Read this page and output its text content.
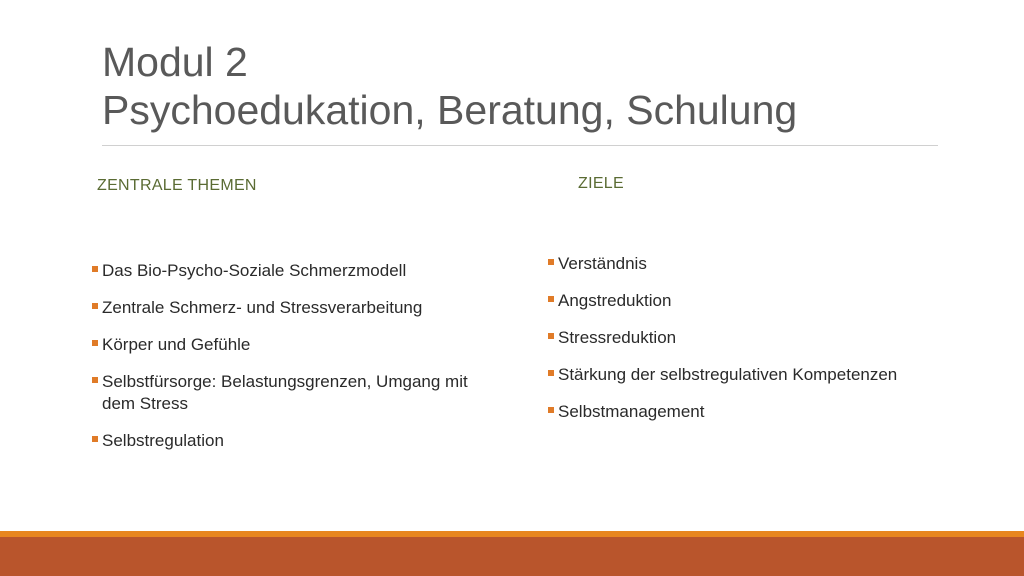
Modul 2
Psychoedukation, Beratung, Schulung
ZENTRALE THEMEN	ZIELE
Das Bio-Psycho-Soziale Schmerzmodell
Zentrale Schmerz- und Stressverarbeitung
Körper und Gefühle
Selbstfürsorge: Belastungsgrenzen, Umgang mit dem Stress
Selbstregulation
Verständnis
Angstreduktion
Stressreduktion
Stärkung der selbstregulativen Kompetenzen
Selbstmanagement
